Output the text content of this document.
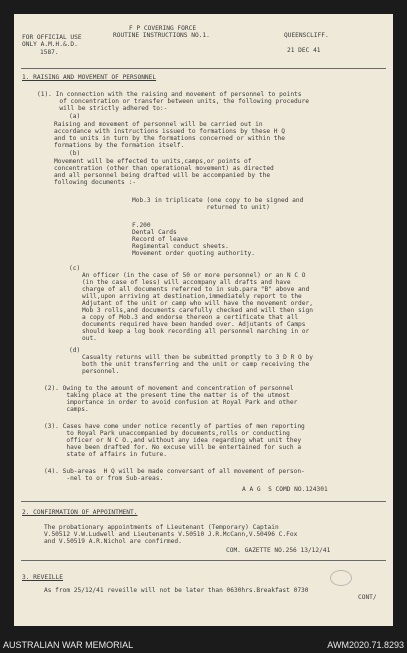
FOR OFFICIAL USE
ONLY A.M.H.&.D.
1587.
F P COVERING FORCE
ROUTINE INSTRUCTIONS NO.1.	QUEENSCLIFF.
21 DEC 41
1. RAISING AND MOVEMENT OF PERSONNEL
(1). In connection with the raising and movement of personnel to points
of concentration or transfer between units, the following procedure
will be strictly adhered to:-
(a)
Raising and movement of personnel will be carried out in
accordance with instructions issued to formations by these H Q
and to units in turn by the formations concerned or within the
formations by the formation itself.
(b)
Movement will be effected to units,camps,or points of
concentration (other than operational movement) as directed
and all personnel being drafted will be accompanied by the
following documents :-
Mob.3 in triplicate (one copy to be signed and
returned to unit)
F.200
Dental Cards
Record of leave
Regimental conduct sheets.
Movement order quoting authority.
(c)
An officer (in the case of 50 or more personnel) or an N C O
(in the case of less) will accompany all drafts and have
charge of all documents referred to in sub.para "B" above and
will,upon arriving at destination,immediately report to the
Adjutant of the unit or camp who will have the movement order,
Mob 3 rolls,and documents carefully checked and will then sign
a copy of Mob.3 and endorse thereon a certificate that all
documents required have been handed over. Adjutants of Camps
should keep a log book recording all personnel marching in or
out.
(d)
Casualty returns will then be submitted promptly to 3 D R O by
both the unit transferring and the unit or camp receiving the
personnel.
(2). Owing to the amount of movement and concentration of personnel
taking place at the present time the matter is of the utmost
importance in order to avoid confusion at Royal Park and other
camps.
(3). Cases have come under notice recently of parties of men reporting
to Royal Park unaccompanied by documents,rolls or conducting
officer or N C O.,and without any idea regarding what unit they
have been drafted for. No excuse will be entertained for such a
state of affairs in future.
(4). Sub-areas  H Q will be made conversant of all movement of person-
-nel to or from Sub-areas.
A A G  S COMD NO.124301
2. CONFIRMATION OF APPOINTMENT.
The probationary appointments of Lieutenant (Temporary) Captain
V.50512 V.W.Ludwell and Lieutenants V.50510 J.R.McCann,V.50496 C.Fox
and V.50519 A.R.Nichol are confirmed.
COM. GAZETTE NO.256 13/12/41
3. REVEILLE
As from 25/12/41 reveille will not be later than 0630hrs.Breakfast 0730
CONT/
AUSTRALIAN WAR MEMORIAL	AWM2020.71.8293
